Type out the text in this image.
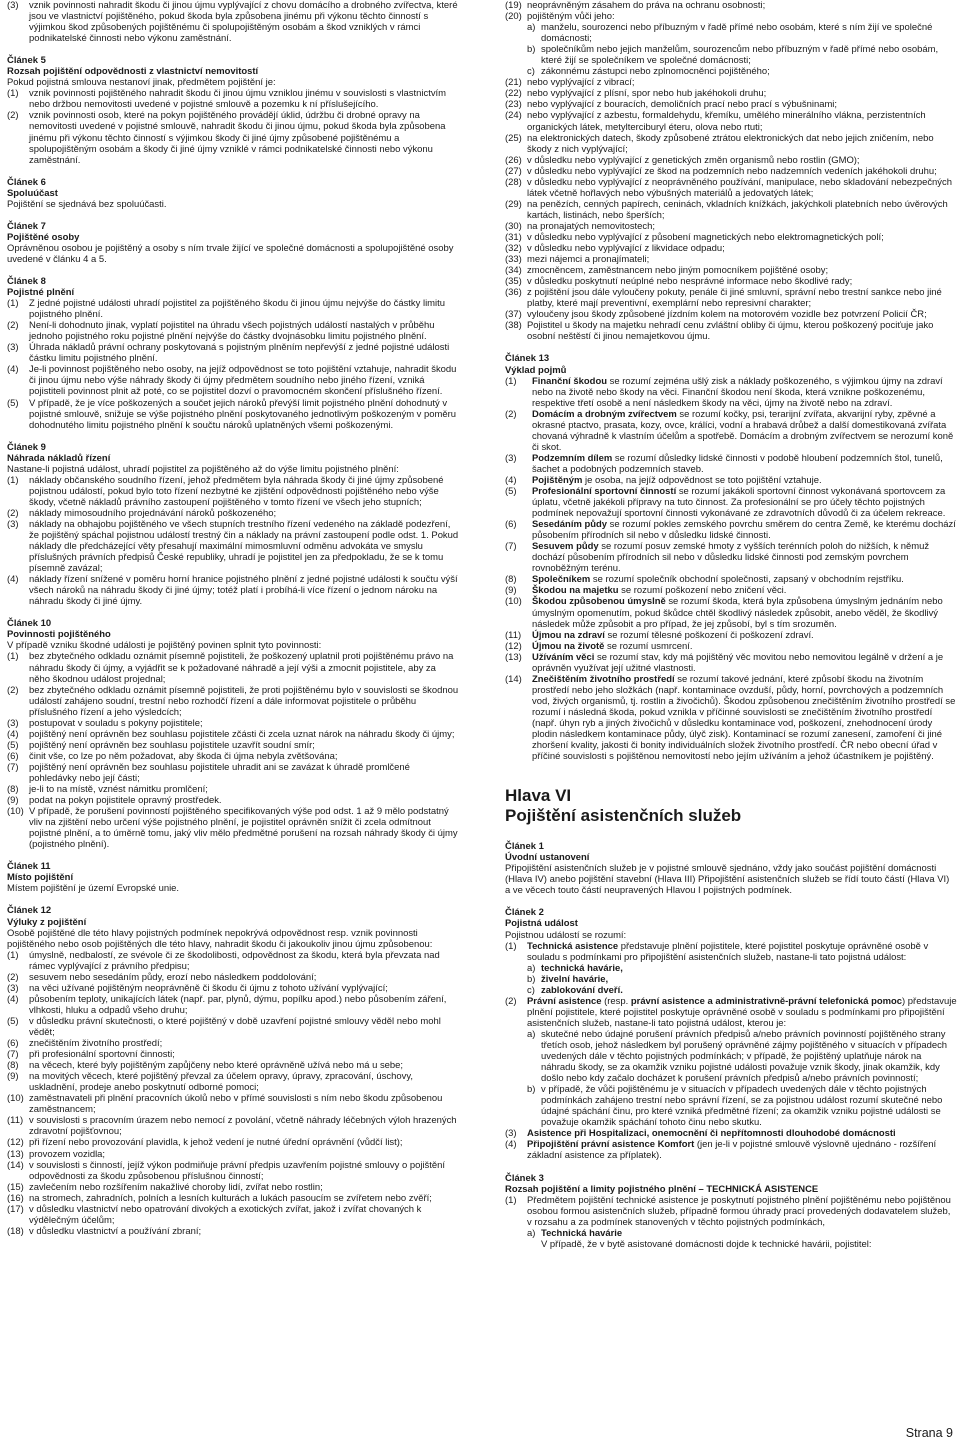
(3)	vznik povinnosti nahradit škodu či jinou újmu vyplývající z chovu domácího a drobného zvířectva, které jsou ve vlastnictví pojištěného, pokud škoda byla způsobena jinému při výkonu těchto činností s výjimkou škod způsobených pojištěnému či spolupojištěným osobám a škod vzniklých v rámci podnikatelské činnosti nebo výkonu zaměstnání.

Článek 5

Rozsah pojištění odpovědnosti z vlastnictví nemovitostí

Pokud pojistná smlouva nestanoví jinak, předmětem pojištění je:

(1)	vznik povinnosti pojištěného nahradit škodu či jinou újmu vzniklou jinému v souvislosti s vlastnictvím nebo držbou nemovitosti uvedené v pojistné smlouvě a pozemku k ní příslušejícího.
(2)	vznik povinnosti osob, které na pokyn pojištěného provádějí úklid, údržbu či drobné opravy na nemovitosti uvedené v pojistné smlouvě, nahradit škodu či jinou újmu, pokud škoda byla způsobena jinému při výkonu těchto činností s výjimkou škody či jiné újmy způsobené pojištěnému a spolupojištěným osobám a škody či jiné újmy vzniklé v rámci podnikatelské činnosti nebo výkonu zaměstnání.

Článek 6

Spoluúčast

Pojištění se sjednává bez spoluúčasti.

Článek 7

Pojištěné osoby

Oprávněnou osobou je pojištěný a osoby s ním trvale žijící ve společné domácnosti a spolupojištěné osoby uvedené v článku 4 a 5.

Článek 8

Pojistné plnění

(1)	Z jedné pojistné události uhradí pojistitel za pojištěného škodu či jinou újmu nejvýše do částky limitu pojistného plnění.
(2)	Není-li dohodnuto jinak, vyplatí pojistitel na úhradu všech pojistných událostí nastalých v průběhu jednoho pojistného roku pojistné plnění nejvýše do částky dvojnásobku limitu pojistného plnění.
(3)	Úhrada nákladů právní ochrany poskytovaná s pojistným plněním nepřevýší z jedné pojistné události částku limitu pojistného plnění.
(4)	Je-li povinnost pojištěného nebo osoby, na jejíž odpovědnost se toto pojištění vztahuje, nahradit škodu či jinou újmu nebo výše náhrady škody či újmy předmětem soudního nebo jiného řízení, vzniká pojistiteli povinnost plnit až poté, co se pojistitel dozví o pravomocném skončení příslušného řízení.
(5)	V případě, že je více poškozených a součet jejich nároků převýší limit pojistného plnění dohodnutý v pojistné smlouvě, snižuje se výše pojistného plnění poskytovaného jednotlivým poškozeným v poměru dohodnutého limitu pojistného plnění k součtu nároků uplatněných všemi poškozenými.

Článek 9

Náhrada nákladů řízení

Nastane-li pojistná událost, uhradí pojistitel za pojištěného až do výše limitu pojistného plnění:

(1)	náklady občanského soudního řízení, jehož předmětem byla náhrada škody či jiné újmy způsobené pojistnou událostí, pokud bylo toto řízení nezbytné ke zjištění odpovědnosti pojištěného nebo výše škody, včetně nákladů právního zastoupení pojištěného v tomto řízení ve všech jeho stupních;
(2)	náklady mimosoudního projednávání nároků poškozeného;
(3)	náklady na obhajobu pojištěného ve všech stupních trestního řízení vedeného na základě podezření, že pojištěný spáchal pojistnou událostí trestný čin a náklady na právní zastoupení podle odst. 1. Pokud náklady dle předcházející věty přesahují maximální mimosmluvní odměnu advokáta ve smyslu příslušných právních předpisů České republiky, uhradí je pojistitel jen za předpokladu, že se k tomu písemně zavázal;
(4)	náklady řízení snížené v poměru horní hranice pojistného plnění z jedné pojistné události k součtu výší všech nároků na náhradu škody či jiné újmy; totéž platí i probíhá-li více řízení o jednom nároku na náhradu škody či jiné újmy.

Článek 10

Povinnosti pojištěného

V případě vzniku škodné události je pojištěný povinen splnit tyto povinnosti:

(1)	bez zbytečného odkladu oznámit písemně pojistiteli, že poškozený uplatnil proti pojištěnému právo na náhradu škody či újmy, a vyjádřit se k požadované náhradě a její výši a zmocnit pojistitele, aby za něho škodnou událost projednal;
(2)	bez zbytečného odkladu oznámit písemně pojistiteli, že proti pojištěnému bylo v souvislosti se škodnou událostí zahájeno soudní, trestní nebo rozhodčí řízení a dále informovat pojistitele o průběhu příslušného řízení a jeho výsledcích;
(3)	postupovat v souladu s pokyny pojistitele;
(4)	pojištěný není oprávněn bez souhlasu pojistitele zčásti či zcela uznat nárok na náhradu škody či újmy;
(5)	pojištěný není oprávněn bez souhlasu pojistitele uzavřít soudní smír;
(6)	činit vše, co lze po něm požadovat, aby škoda či újma nebyla zvětšována;
(7)	pojištěný není oprávněn bez souhlasu pojistitele uhradit ani se zavázat k úhradě promlčené pohledávky nebo její části;
(8)	je-li to na místě, vznést námitku promlčení;
(9)	podat na pokyn pojistitele opravný prostředek.
(10) V případě, že porušení povinností pojištěného specifikovaných výše pod odst. 1 až 9 mělo podstatný vliv na zjištění nebo určení výše pojistného plnění, je pojistitel oprávněn snížit či zcela odmítnout pojistné plnění, a to úměrně tomu, jaký vliv mělo předmětné porušení na rozsah náhrady škody či újmy (pojistného plnění).

Článek 11

Místo pojištění

Místem pojištění je území Evropské unie.

Článek 12

Výluky z pojištění

Osobě pojištěné dle této hlavy pojistných podmínek nepokrývá odpovědnost resp. vznik povinnosti pojištěného nebo osob pojištěných dle této hlavy, nahradit škodu či jakoukoliv jinou újmu způsobenou:

(1)	úmyslně, nedbalostí, ze svévole či ze škodolibosti, odpovědnost za škodu, která byla převzata nad rámec vyplývající z právního předpisu;
(2)	sesuvem nebo sesedáním půdy, erozí nebo následkem poddolování;
(3)	na věci užívané pojištěným neoprávněně či škodu či újmu z tohoto užívání vyplývající;
(4)	působením teploty, unikajících látek (např. par, plynů, dýmu, popílku apod.) nebo působením záření, vlhkosti, hluku a odpadů všeho druhu;
(5)	v důsledku právní skutečnosti, o které pojištěný v době uzavření pojistné smlouvy věděl nebo mohl vědět;
(6)	znečištěním životního prostředí;
(7)	při profesionální sportovní činnosti;
(8)	na věcech, které byly pojištěným zapůjčeny nebo které oprávněně užívá nebo má u sebe;
(9)	na movitých věcech, které pojištěný převzal za účelem opravy, úpravy, zpracování, úschovy, uskladnění, prodeje anebo poskytnutí odborné pomoci;
(10) zaměstnavateli při plnění pracovních úkolů nebo v přímé souvislosti s ním nebo škodu způsobenou zaměstnancem;
(11) v souvislosti s pracovním úrazem nebo nemocí z povolání, včetně náhrady léčebných výloh hrazených zdravotní pojišťovnou;
(12) při řízení nebo provozování plavidla, k jehož vedení je nutné úřední oprávnění (vůdčí list);
(13) provozem vozidla;
(14) v souvislosti s činností, jejíž výkon podmiňuje právní předpis uzavřením pojistné smlouvy o pojištění odpovědnosti za škodu způsobenou příslušnou činností;
(15) zavlečením nebo rozšířením nakažlivé choroby lidí, zvířat nebo rostlin;
(16) na stromech, zahradních, polních a lesních kulturách a lukách pasoucím se zvířetem nebo zvěří;
(17) v důsledku vlastnictví nebo opatrování divokých a exotických zvířat, jakož i zvířat chovaných k výdělečným účelům;
(18) v důsledku vlastnictví a používání zbraní;
(19) neoprávněným zásahem do práva na ochranu osobnosti;
(20) pojištěným vůči jeho:
a) manželu, sourozenci nebo příbuzným v řadě přímé nebo osobám, které s ním žijí ve společné domácnosti;
b) společníkům nebo jejich manželům, sourozencům nebo příbuzným v řadě přímé nebo osobám, které žijí se společníkem ve společné domácnosti;
c) zákonnému zástupci nebo zplnomocněnci pojištěného;
(21) nebo vyplývající z vibrací;
(22) nebo vyplývající z plísní, spor nebo hub jakéhokoli druhu;
(23) nebo vyplývající z bouracích, demoličních prací nebo prací s výbušninami;
(24) nebo vyplývající z azbestu, formaldehydu, křemíku, umělého minerálního vlákna, perzistentních organických látek, metylterciburyl éteru, olova nebo rtuti;
(25) na elektronických datech, škody způsobené ztrátou elektronických dat nebo jejich zničením, nebo škody z nich vyplývající;
(26) v důsledku nebo vyplývající z genetických změn organismů nebo rostlin (GMO);
(27) v důsledku nebo vyplývající ze škod na podzemních nebo nadzemních vedeních jakéhokoli druhu;
(28) v důsledku nebo vyplývající z neoprávněného používání, manipulace, nebo skladování nebezpečných látek včetně hořlavých nebo výbušných materiálů a jedovatých látek;
(29) na penězích, cenných papírech, ceninách, vkladních knížkách, jakýchkoli platebních nebo úvěrových kartách, listinách, nebo šperších;
(30) na pronajatých nemovitostech;
(31) v důsledku nebo vyplývající z působení magnetických nebo elektromagnetických polí;
(32) v důsledku nebo vyplývající z likvidace odpadu;
(33) mezi nájemci a pronajímateli;
(34) zmocněncem, zaměstnancem nebo jiným pomocníkem pojištěné osoby;
(35) v důsledku poskytnutí neúplné nebo nesprávné informace nebo škodlivé rady;
(36) z pojištění jsou dále vyloučeny pokuty, penále či jiné smluvní, správní nebo trestní sankce nebo jiné platby, které mají preventivní, exemplární nebo represivní charakter;
(37) vyloučeny jsou škody způsobené jízdním kolem na motorovém vozidle bez potvrzení Policií ČR;
(38) Pojistitel u škody na majetku nehradí cenu zvláštní obliby či újmu, kterou poškozený pociťuje jako osobní neštěstí či jinou nemajetkovou újmu.

Článek 13

Výklad pojmů

(1)	Finanční škodou se rozumí zejména ušlý zisk a náklady poškozeného, s výjimkou újmy na zdraví nebo na životě nebo škody na věci. Finanční škodou není škoda, která vznikne poškozenému, respektive třetí osobě a není následkem škody na věci, újmy na životě nebo na zdraví.
(2)	Domácím a drobným zvířectvem se rozumí kočky, psi, terarijní zvířata, akvarijní ryby, zpěvné a okrasné ptactvo, prasata, kozy, ovce, králíci, vodní a hrabavá drůbež a další domestikovaná zvířata chovaná výhradně k vlastním účelům a spotřebě. Domácím a drobným zvířectvem se nerozumí koně či skot.
(3)	Podzemním dílem se rozumí důsledky lidské činnosti v podobě hloubení podzemních štol, tunelů, šachet a podobných podzemních staveb.
(4)	Pojištěným je osoba, na jejíž odpovědnost se toto pojištění vztahuje.
(5)	Profesionální sportovní činností se rozumí jakákoli sportovní činnost vykonávaná sportovcem za úplatu, včetně jakékoli přípravy na tuto činnost. Za profesionální se pro účely těchto pojistných podmínek nepovažují sportovní činnosti vykonávané ze zdravotních důvodů či za účelem rekreace.
(6)	Sesedáním půdy se rozumí pokles zemského povrchu směrem do centra Země, ke kterému dochází působením přírodních sil nebo v důsledku lidské činnosti.
(7)	Sesuvem půdy se rozumí posuv zemské hmoty z vyšších terénních poloh do nižších, k němuž dochází působením přírodních sil nebo v důsledku lidské činnosti pod zemským povrchem rovnoběžným terénu.
(8)	Společníkem se rozumí společník obchodní společnosti, zapsaný v obchodním rejstříku.
(9)	Škodou na majetku se rozumí poškození nebo zničení věci.
(10)	Škodou způsobenou úmyslně se rozumí škoda, která byla způsobena úmyslným jednáním nebo úmyslným opomenutím, pokud škůdce chtěl škodlivý následek způsobit, anebo věděl, že škodlivý následek může způsobit a pro případ, že jej způsobí, byl s tím srozuměn.
(11)	Újmou na zdraví se rozumí tělesné poškození či poškození zdraví.
(12)	Újmou na životě se rozumí usmrcení.
(13)	Užíváním věci se rozumí stav, kdy má pojištěný věc movitou nebo nemovitou legálně v držení a je oprávněn využívat její užitné vlastnosti.
(14)	Znečištěním životního prostředí se rozumí takové jednání, které způsobí škodu na životním prostředí nebo jeho složkách (např. kontaminace ovzduší, půdy, horní, povrchových a podzemních vod, živých organismů, tj. rostlin a živočichů). Škodou způsobenou znečištěním životního prostředí se rozumí i následná škoda, pokud vznikla v příčinné souvislosti se znečištěním životního prostředí (např. úhyn ryb a jiných živočichů v důsledku kontaminace vod, poškození, znehodnocení úrody plodin následkem kontaminace půdy, úlyč zisk). Kontaminací se rozumí zanesení, zamoření či jiné zhoršení kvality, jakosti či bonity individuálních složek životního prostředí. ČR nebo obecní úřad v příčiné souvislosti s pojištěnou nemovitostí nebo jejím užíváním a jehož účastníkem je pojištěný.

Hlava VI
Pojištění asistenčních služeb

Článek 1

Úvodní ustanovení

Připojištění asistenčních služeb je v pojistné smlouvě sjednáno, vždy jako součást pojištění domácnosti (Hlava IV) anebo pojištění stavební (Hlava III) Připojištění asistenčních služeb se řídí touto částí (Hlava VI) a ve věcech touto částí neupravených Hlavou I pojistných podmínek.

Článek 2

Pojistná událost

Pojistnou událostí se rozumí:

(1)	Technická asistence představuje plnění pojistitele, které pojistitel poskytuje oprávněné osobě v souladu s podmínkami pro připojištění asistenčních služeb, nastane-li tato pojistná událost:
a) technická havárie,
b) živelní havárie,
c) zablokování dveří.
(2)	Právní asistence (resp. právní asistence a administrativně-právní telefonická pomoc) představuje plnění pojistitele, které pojistitel poskytuje oprávněné osobě v souladu s podmínkami pro připojištění asistenčních služeb, nastane-li tato pojistná událost, kterou je:
a) skutečné nebo údajné porušení právních předpisů a/nebo právních povinností pojištěného strany třetích osob, jehož následkem byl porušený oprávněné zájmy pojištěného v situacích v případech uvedených dále v těchto pojistných podmínkách; v případě, že pojištěný uplatňuje nárok na náhradu škody, se za okamžik vzniku pojistné události považuje vznik škody, jinak okamžik, kdy došlo nebo kdy začalo docházet k porušení právních předpisů a/nebo právních povinností;
b) v případě, že vůči pojištěnému je v situacích v případech uvedených dále v těchto pojistných podmínkách zahájeno trestní nebo správní řízení, se za pojistnou událost rozumí skutečné nebo údajné spáchání činu, pro které vzniká předmětné řízení; za okamžik vzniku pojistné události se považuje okamžik spáchání tohoto činu nebo skutku.
(3)	Asistence při Hospitalizaci, onemocnění či nepřítomnosti dlouhodobé domácnosti
(4)	Připojištění právní asistence Komfort (jen je-li v pojistné smlouvě výslovně ujednáno - rozšíření základní asistence za příplatek).

Článek 3

Rozsah pojištění a limity pojistného plnění – TECHNICKÁ ASISTENCE

(1)	Předmětem pojištění technické asistence je poskytnutí pojistného plnění pojištěnému nebo pojištěnou osobou formou asistenčních služeb, případně formou úhrady prací provedených dodavatelem služeb, v rozsahu a za podmínek stanovených v těchto pojistných podmínkách,
a) Technická havárie

V případě, že v bytě asistované domácnosti dojde k technické havárii, pojistitel:

Strana 9
